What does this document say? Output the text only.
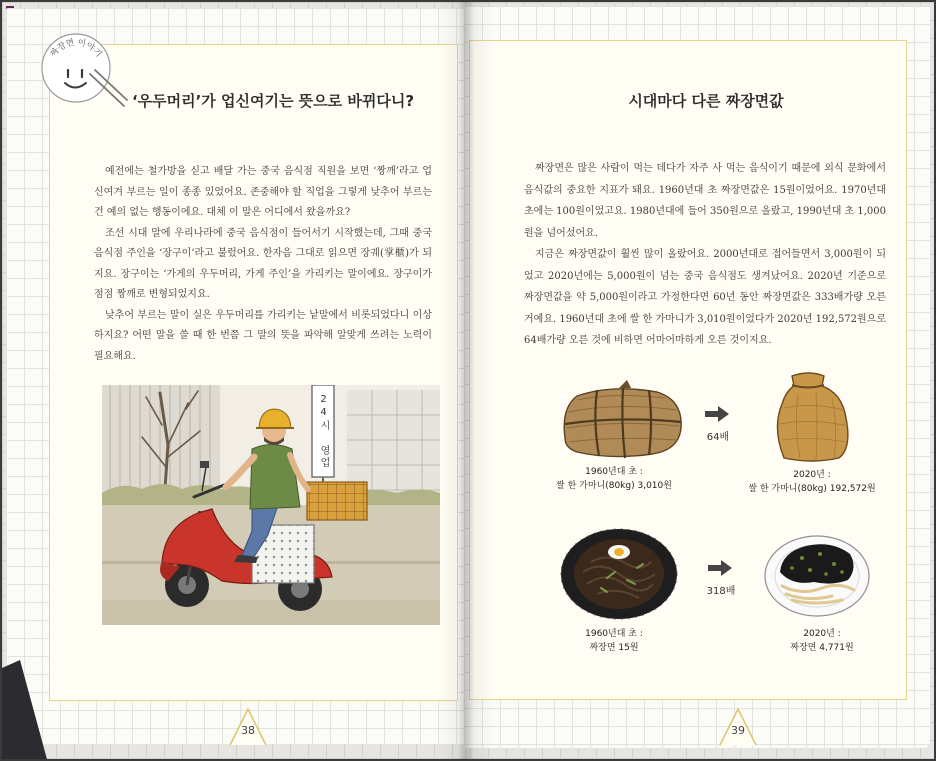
짜장면 이야기
‘우두머리’가 업신여기는 뜻으로 바뀌다니?

예전에는 철가방을 싣고 배달 가는 중국 음식점 직원을 보면 ‘짱깨’라고 업신여겨 부르는 일이 종종 있었어요. 존중해야 할 직업을 그렇게 낮추어 부르는 건 예의 없는 행동이에요. 대체 이 말은 어디에서 왔을까요?

조선 시대 말에 우리나라에 중국 음식점이 들어서기 시작했는데, 그때 중국 음식점 주인을 ‘장구이’라고 불렀어요. 한자음 그대로 읽으면 장궤(掌櫃)가 되지요. 장구이는 ‘가게의 우두머리, 가게 주인’을 가리키는 말이에요. 장구이가 점점 짱깨로 변형되었지요.

낮추어 부르는 말이 실은 우두머리를 가리키는 낱말에서 비롯되었다니 이상하지요? 어떤 말을 쓸 때 한 번쯤 그 말의 뜻을 파악해 알맞게 쓰려는 노력이 필요해요.

24시 영업
38
시대마다 다른 짜장면값

짜장면은 많은 사람이 먹는 데다가 자주 사 먹는 음식이기 때문에 외식 문화에서 음식값의 중요한 지표가 돼요. 1960년대 초 짜장면값은 15원이었어요. 1970년대 초에는 100원이었고요. 1980년대에 들어 350원으로 올랐고, 1990년대 초 1,000원을 넘어섰어요.

지금은 짜장면값이 훨씬 많이 올랐어요. 2000년대로 접어들면서 3,000원이 되었고 2020년에는 5,000원이 넘는 중국 음식점도 생겨났어요. 2020년 기준으로 짜장면값을 약 5,000원이라고 가정한다면 60년 동안 짜장면값은 333배가량 오른 거예요. 1960년대 초에 쌀 한 가마니가 3,010원이었다가 2020년 192,572원으로 64배가량 오른 것에 비하면 어마어마하게 오른 것이지요.

64배
1960년대 초 :
쌀 한 가마니(80kg) 3,010원
2020년 :
쌀 한 가마니(80kg) 192,572원
318배
1960년대 초 :
짜장면 15원
2020년 :
짜장면 4,771원
39
